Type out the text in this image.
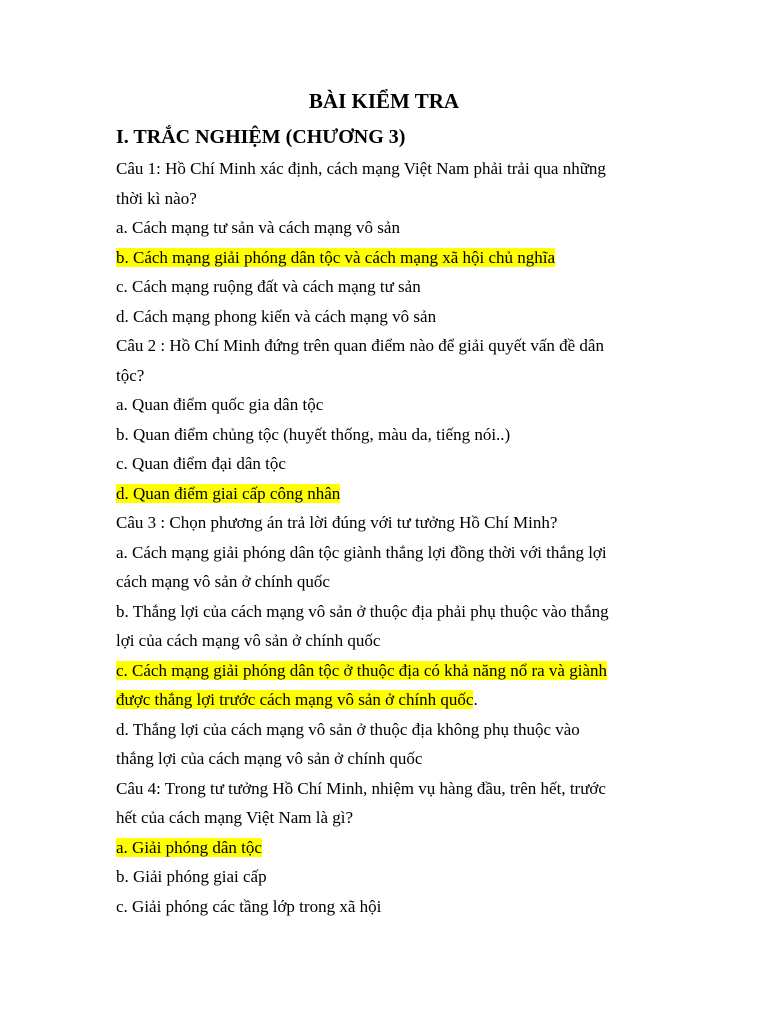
BÀI KIỂM TRA
I. TRẮC NGHIỆM (CHƯƠNG 3)
Câu 1: Hồ Chí Minh xác định, cách mạng Việt Nam phải trải qua những
thời kì nào?
a. Cách mạng tư sản và cách mạng vô sản
b. Cách mạng giải phóng dân tộc và cách mạng xã hội chủ nghĩa
c. Cách mạng ruộng đất và cách mạng tư sản
d. Cách mạng phong kiến và cách mạng vô sản
Câu 2 : Hồ Chí Minh đứng trên quan điểm nào để giải quyết vấn đề dân
tộc?
a. Quan điểm quốc gia dân tộc
b. Quan điểm chủng tộc (huyết thống, màu da, tiếng nói..)
c. Quan điểm đại dân tộc
d. Quan điểm giai cấp công nhân
Câu 3 : Chọn phương án trả lời đúng với tư tưởng Hồ Chí Minh?
a. Cách mạng giải phóng dân tộc giành thắng lợi đồng thời với thắng lợi
cách mạng vô sản ở chính quốc
b. Thắng lợi của cách mạng vô sản ở thuộc địa phải phụ thuộc vào thắng
lợi của cách mạng vô sản ở chính quốc
c. Cách mạng giải phóng dân tộc ở thuộc địa có khả năng nổ ra và giành
được thắng lợi trước cách mạng vô sản ở chính quốc.
d. Thắng lợi của cách mạng vô sản ở thuộc địa không phụ thuộc vào
thắng lợi của cách mạng vô sản ở chính quốc
Câu 4: Trong tư tưởng Hồ Chí Minh, nhiệm vụ hàng đầu, trên hết, trước
hết của cách mạng Việt Nam là gì?
a. Giải phóng dân tộc
b. Giải phóng giai cấp
c. Giải phóng các tầng lớp trong xã hội
